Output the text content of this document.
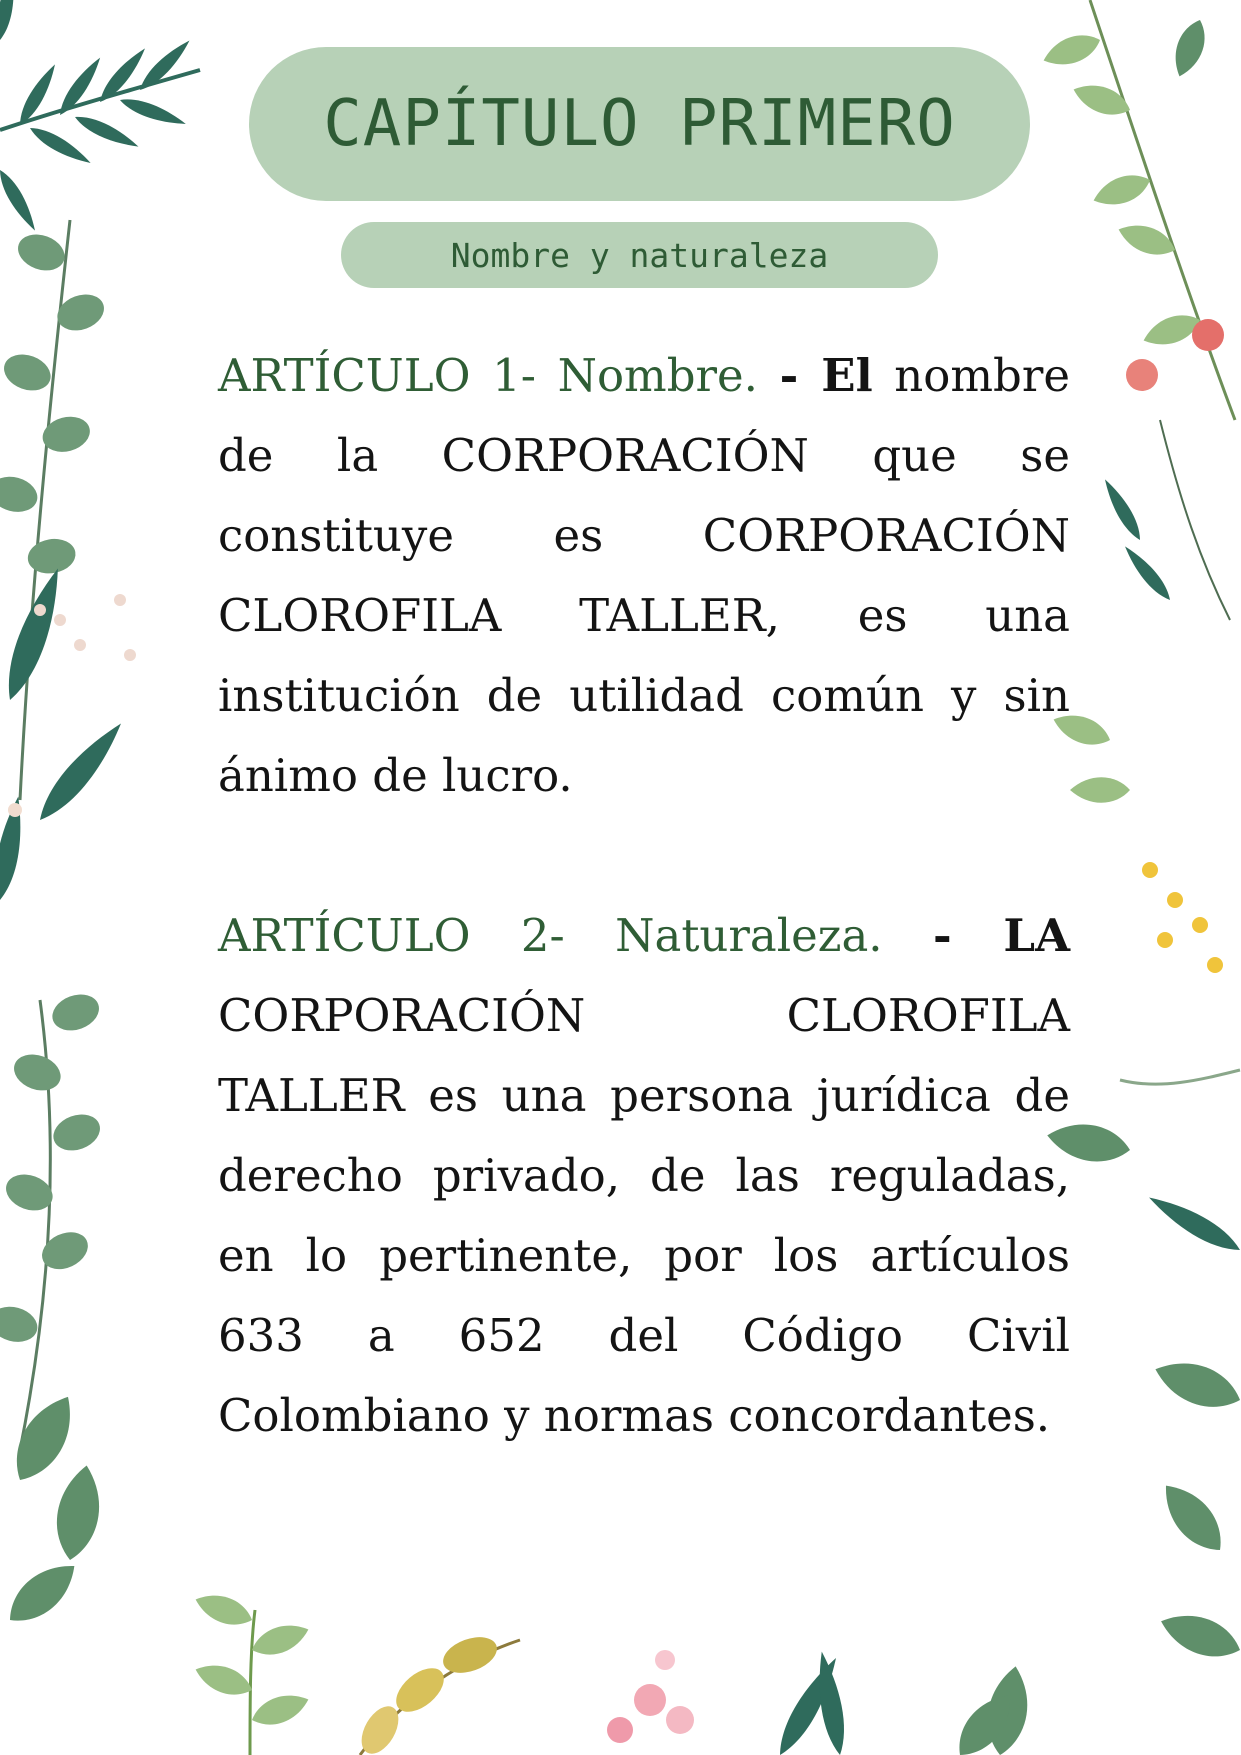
CAPÍTULO PRIMERO
Nombre y naturaleza
ARTÍCULO 1- Nombre. - El nombre de la CORPORACIÓN que se constituye es CORPORACIÓN CLOROFILA TALLER, es una institución de utilidad común y sin ánimo de lucro.
ARTÍCULO 2- Naturaleza. - LA CORPORACIÓN CLOROFILA TALLER es una persona jurídica de derecho privado, de las reguladas, en lo pertinente, por los artículos 633 a 652 del Código Civil Colombiano y normas concordantes.
